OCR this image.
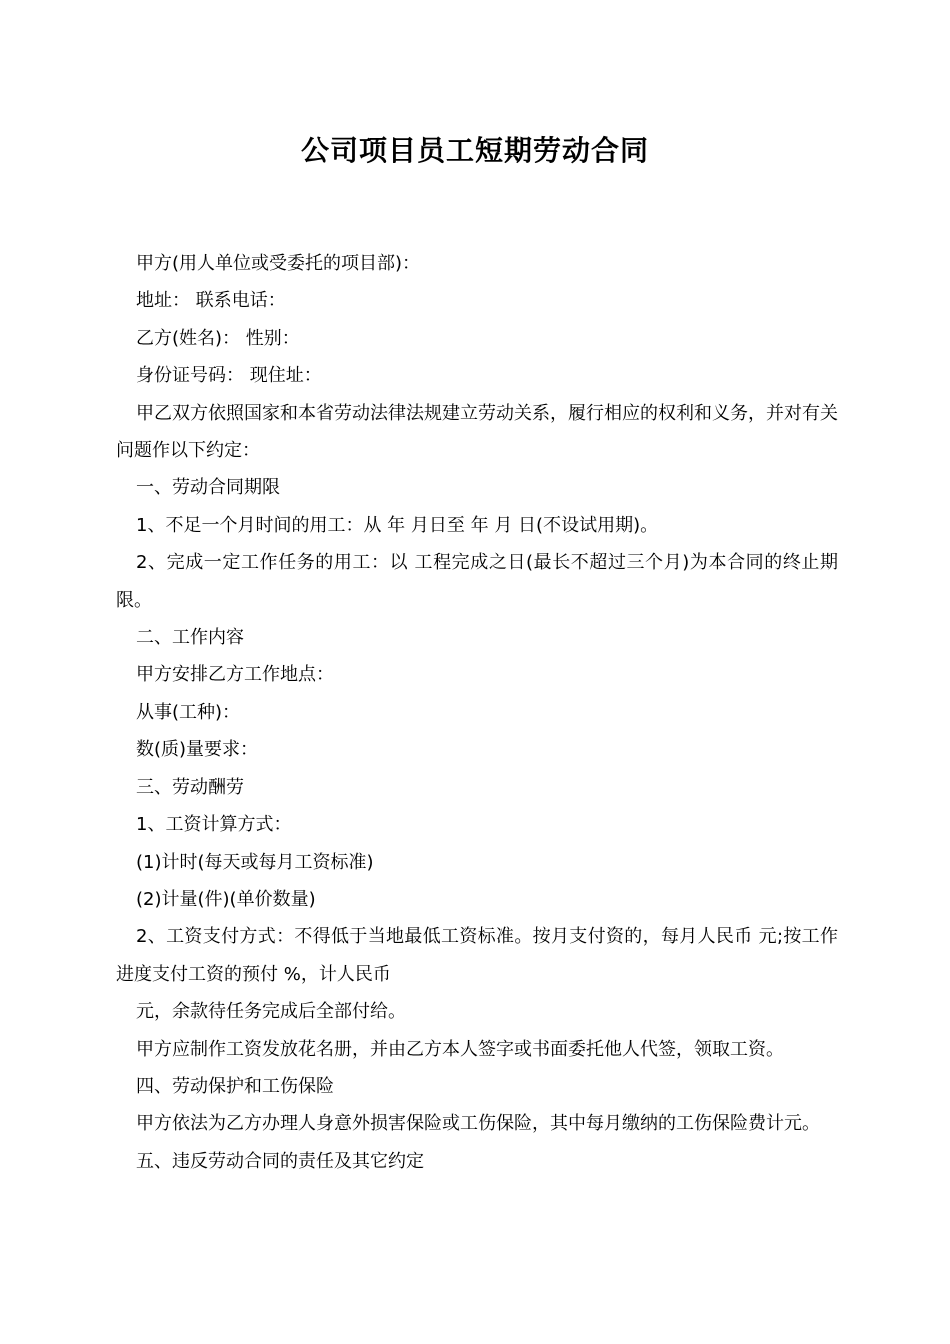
公司项目员工短期劳动合同

甲方(用人单位或受委托的项目部)：

地址： 联系电话：

乙方(姓名)： 性别：

身份证号码： 现住址：

甲乙双方依照国家和本省劳动法律法规建立劳动关系，履行相应的权利和义务，并对有关问题作以下约定：

一、劳动合同期限

1、不足一个月时间的用工：从 年 月日至 年 月 日(不设试用期)。

2、完成一定工作任务的用工：以 工程完成之日(最长不超过三个月)为本合同的终止期限。

二、工作内容

甲方安排乙方工作地点：

从事(工种)：

数(质)量要求：

三、劳动酬劳

1、工资计算方式：

(1)计时(每天或每月工资标准)

(2)计量(件)(单价数量)

2、工资支付方式：不得低于当地最低工资标准。按月支付资的，每月人民币 元;按工作进度支付工资的预付 %，计人民币

元，余款待任务完成后全部付给。

甲方应制作工资发放花名册，并由乙方本人签字或书面委托他人代签，领取工资。

四、劳动保护和工伤保险

甲方依法为乙方办理人身意外损害保险或工伤保险，其中每月缴纳的工伤保险费计元。

五、违反劳动合同的责任及其它约定
